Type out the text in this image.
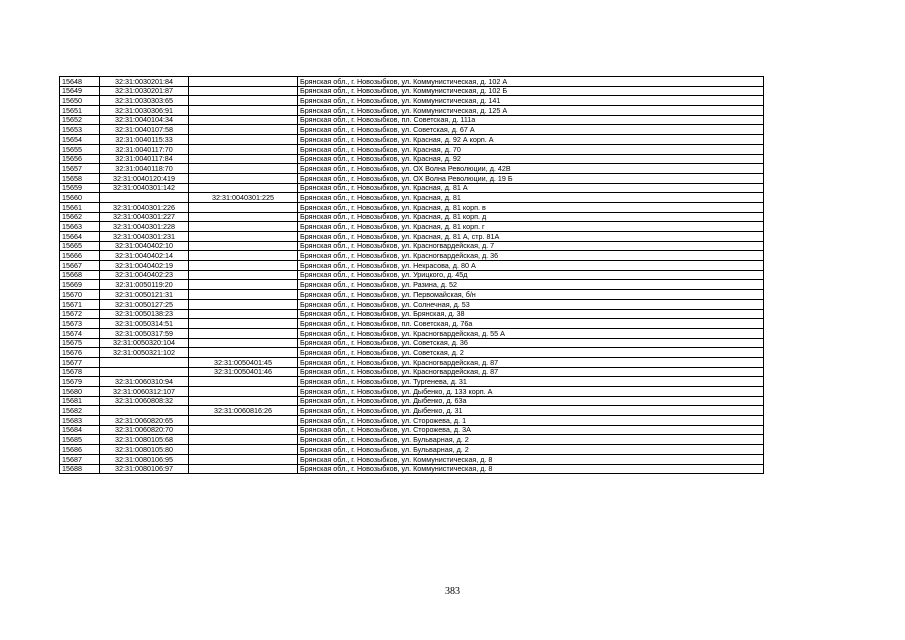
15648	32:31:0030201:84		Брянская обл., г. Новозыбков, ул. Коммунистическая, д. 102 А
15649	32:31:0030201:87		Брянская обл., г. Новозыбков, ул. Коммунистическая, д. 102 Б
15650	32:31:0030303:65		Брянская обл., г. Новозыбков, ул. Коммунистическая, д. 141
15651	32:31:0030306:91		Брянская обл., г. Новозыбков, ул. Коммунистическая, д. 125 А
15652	32:31:0040104:34		Брянская обл., г. Новозыбков, пл. Советская, д. 111а
15653	32:31:0040107:58		Брянская обл., г. Новозыбков, ул. Советская, д. 67 А
15654	32:31:0040115:33		Брянская обл., г. Новозыбков, ул. Красная, д. 92 А корп. А
15655	32:31:0040117:70		Брянская обл., г. Новозыбков, ул. Красная, д. 70
15656	32:31:0040117:84		Брянская обл., г. Новозыбков, ул. Красная, д. 92
15657	32:31:0040118:70		Брянская обл., г. Новозыбков, ул. ОХ Волна Революции, д. 42В
15658	32:31:0040120:419		Брянская обл., г. Новозыбков, ул. ОХ Волна Революции, д. 19 Б
15659	32:31:0040301:142		Брянская обл., г. Новозыбков, ул. Красная, д. 81 А
15660		32:31:0040301:225	Брянская обл., г. Новозыбков, ул. Красная, д. 81
15661	32:31:0040301:226		Брянская обл., г. Новозыбков, ул. Красная, д. 81 корп. в
15662	32:31:0040301:227		Брянская обл., г. Новозыбков, ул. Красная, д. 81 корп. д
15663	32:31:0040301:228		Брянская обл., г. Новозыбков, ул. Красная, д. 81 корп. г
15664	32:31:0040301:231		Брянская обл., г. Новозыбков, ул. Красная, д. 81 А, стр. 81А
15665	32:31:0040402:10		Брянская обл., г. Новозыбков, ул. Красногвардейская, д. 7
15666	32:31:0040402:14		Брянская обл., г. Новозыбков, ул. Красногвардейская, д. 36
15667	32:31:0040402:19		Брянская обл., г. Новозыбков, ул. Некрасова, д. 80 А
15668	32:31:0040402:23		Брянская обл., г. Новозыбков, ул. Урицкого, д. 45д
15669	32:31:0050119:20		Брянская обл., г. Новозыбков, ул. Разина, д. 52
15670	32:31:0050121:31		Брянская обл., г. Новозыбков, ул. Первомайская, б/н
15671	32:31:0050127:25		Брянская обл., г. Новозыбков, ул. Солнечная, д. 53
15672	32:31:0050138:23		Брянская обл., г. Новозыбков, ул. Брянская, д. 38
15673	32:31:0050314:51		Брянская обл., г. Новозыбков, пл. Советская, д. 76а
15674	32:31:0050317:59		Брянская обл., г. Новозыбков, ул. Красногвардейская, д. 55 А
15675	32:31:0050320:104		Брянская обл., г. Новозыбков, ул. Советская, д. 36
15676	32:31:0050321:102		Брянская обл., г. Новозыбков, ул. Советская, д. 2
15677		32:31:0050401:45	Брянская обл., г. Новозыбков, ул. Красногвардейская, д. 87
15678		32:31:0050401:46	Брянская обл., г. Новозыбков, ул. Красногвардейская, д. 87
15679	32:31:0060310:94		Брянская обл., г. Новозыбков, ул. Тургенева, д. 31
15680	32:31:0060312:107		Брянская обл., г. Новозыбков, ул. Дыбенко, д. 133 корп. А
15681	32:31:0060808:32		Брянская обл., г. Новозыбков, ул. Дыбенко, д. 63а
15682		32:31:0060816:26	Брянская обл., г. Новозыбков, ул. Дыбенко, д. 31
15683	32:31:0060820:65		Брянская обл., г. Новозыбков, ул. Сторожева, д. 1
15684	32:31:0060820:70		Брянская обл., г. Новозыбков, ул. Сторожева, д. 3А
15685	32:31:0080105:68		Брянская обл., г. Новозыбков, ул. Бульварная, д. 2
15686	32:31:0080105:80		Брянская обл., г. Новозыбков, ул. Бульварная, д. 2
15687	32:31:0080106:95		Брянская обл., г. Новозыбков, ул. Коммунистическая, д. 8
15688	32:31:0080106:97		Брянская обл., г. Новозыбков, ул. Коммунистическая, д. 8
383
